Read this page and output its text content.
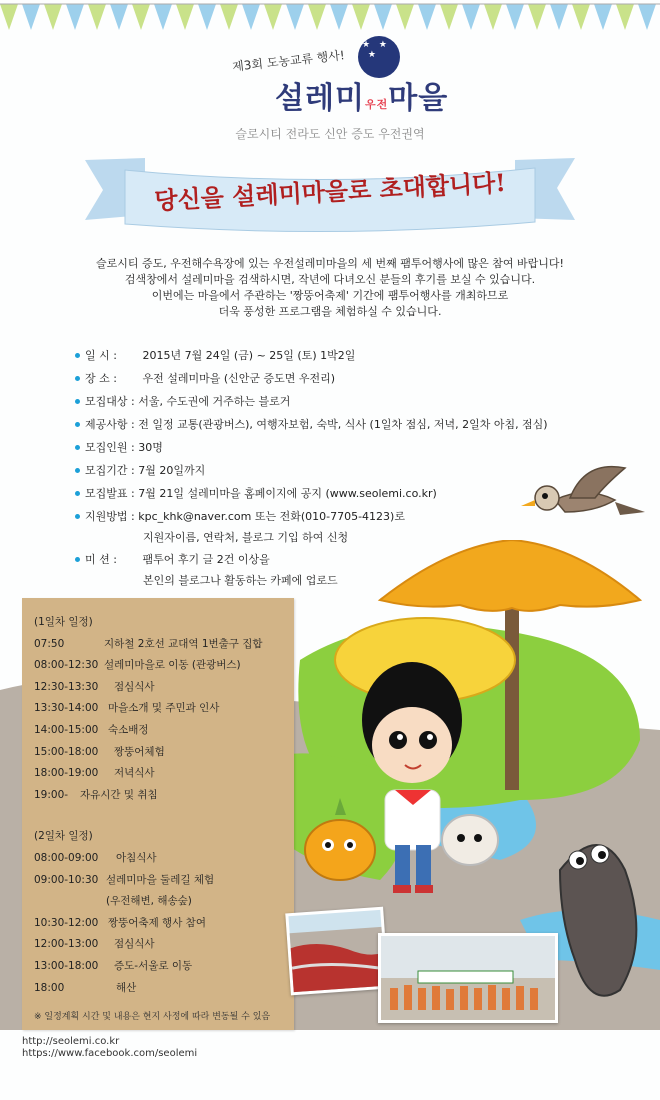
제3회 도농교류 행사!
★ ★
★
설레미우전마을
슬로시티 전라도 신안 증도 우전권역
당신을 설레미마을로 초대합니다!
슬로시티 증도, 우전해수욕장에 있는 우전설레미마을의 세 번째 팸투어행사에 많은 참여 바랍니다!
검색창에서 설레미마을 검색하시면, 작년에 다녀오신 분들의 후기를 보실 수 있습니다.
이번에는 마을에서 주관하는 '짱뚱어축제' 기간에 팸투어행사를 개최하므로
더욱 풍성한 프로그램을 체험하실 수 있습니다.
일 시 : 2015년 7월 24일 (금) ~ 25일 (토) 1박2일
장 소 : 우전 설레미마을 (신안군 증도면 우전리)
모집대상 : 서울, 수도권에 거주하는 블로거
제공사항 : 전 일정 교통(관광버스), 여행자보험, 숙박, 식사 (1일차 점심, 저녁, 2일차 아침, 점심)
모집인원 : 30명
모집기간 : 7월 20일까지
모집발표 : 7월 21일 설레미마을 홈페이지에 공지 (www.seolemi.co.kr)
지원방법 : kpc_khk@naver.com 또는 전화(010-7705-4123)로
지원자이름, 연락처, 블로그 기입 하여 신청
미 션 : 팸투어 후기 글 2건 이상을
본인의 블로그나 활동하는 카페에 업로드
(1일차 일정)
07:50	지하철 2호선 교대역 1번출구 집합
08:00-12:30 설레미마을로 이동 (관광버스)
12:30-13:30 점심식사
13:30-14:00 마을소개 및 주민과 인사
14:00-15:00 숙소배정
15:00-18:00 짱뚱어체험
18:00-19:00 저녁식사
19:00- 자유시간 및 취침
(2일차 일정)
08:00-09:00 아침식사
09:00-10:30 설레미마을 둘레길 체험
(우전해변, 해송숲)
10:30-12:00 짱뚱어축제 행사 참여
12:00-13:00 점심식사
13:00-18:00 증도-서울로 이동
18:00	해산
※ 일정계획 시간 및 내용은 현지 사정에 따라 변동될 수 있음
http://seolemi.co.kr
https://www.facebook.com/seolemi
